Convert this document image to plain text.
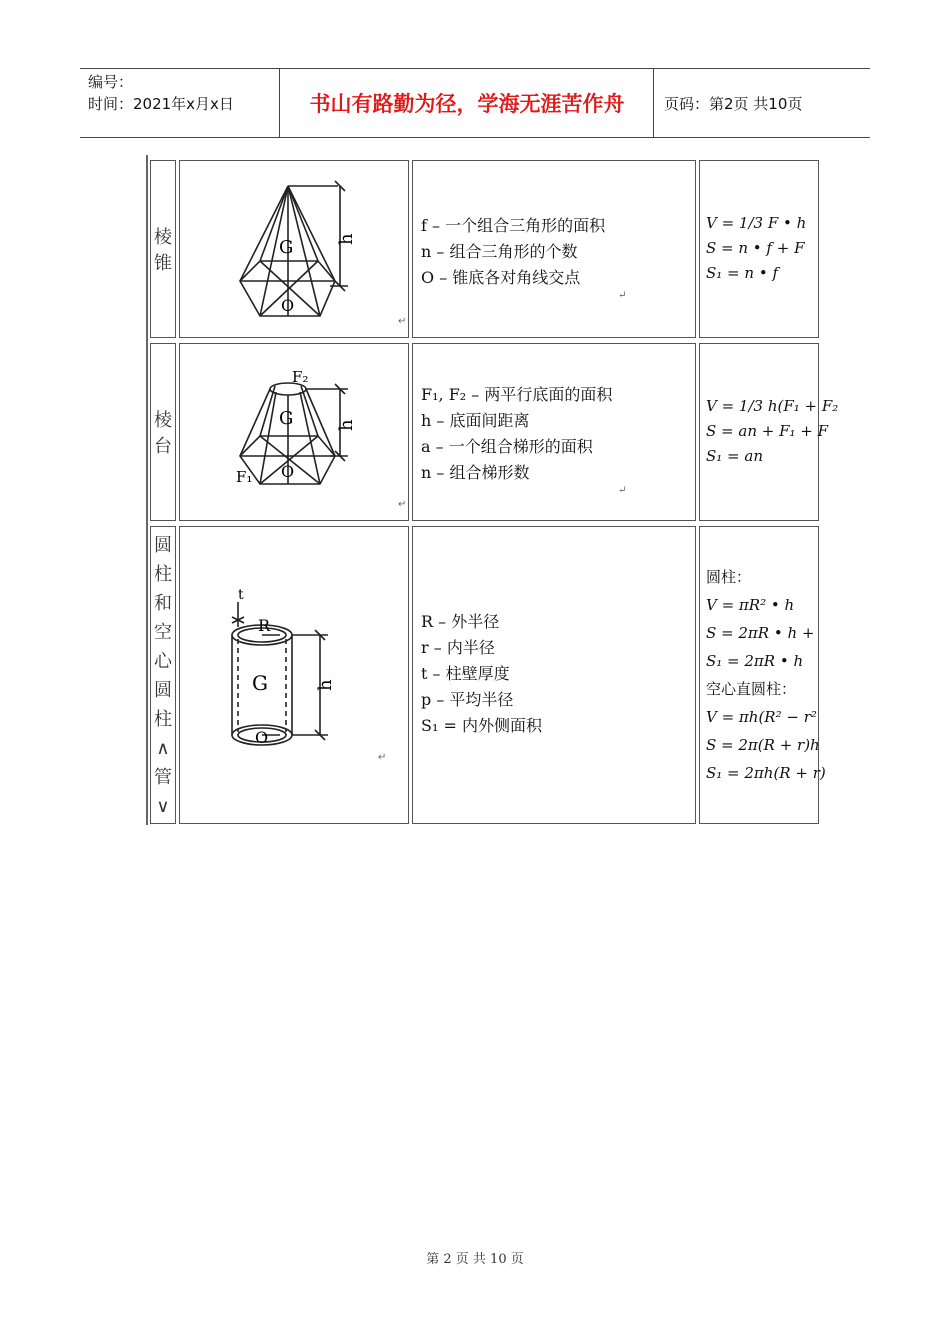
编号：
时间：2021年x月x日	书山有路勤为径，学海无涯苦作舟	页码：第2页 共10页
棱
锥
G
O
h
↵
f – 一个组合三角形的面积
n – 组合三角形的个数
O – 锥底各对角线交点
↵
V = 1/3 F • h
S = n • f + F
S₁ = n • f
棱
台
F₂
G
O
F₁
h
↵
F₁, F₂ – 两平行底面的面积
h – 底面间距离
a – 一个组合梯形的面积
n – 组合梯形数
↵
V = 1/3 h(F₁ + F₂
S = an + F₁ + F
S₁ = an
圆
柱
和
空
心
圆
柱
∧
管
∨
t
R
G
O
h
↵
R – 外半径
r – 内半径
t – 柱壁厚度
p – 平均半径
S₁ = 内外侧面积
圆柱：
V = πR² • h
S = 2πR • h +
S₁ = 2πR • h
空心直圆柱：
V = πh(R² − r²
S = 2π(R + r)h
S₁ = 2πh(R + r)
第 2 页 共 10 页
